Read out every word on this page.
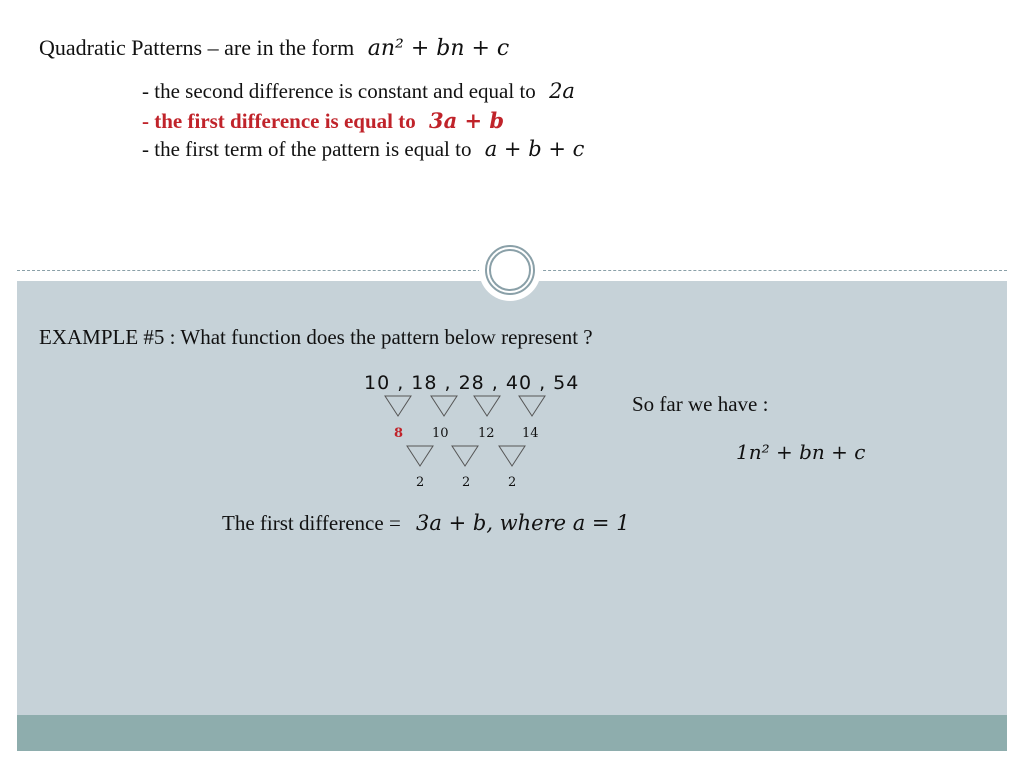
Quadratic Patterns – are in the form an² + bn + c
- the second difference is constant and equal to 2a
- the first difference is equal to 3a + b
- the first term of the pattern is equal to a + b + c
EXAMPLE #5 : What function does the pattern below represent ?
10 , 18 , 28 , 40 , 54
8 10 12 14
2	2	2
So far we have :
1n² + bn + c
The first difference = 3a + b, where a = 1
